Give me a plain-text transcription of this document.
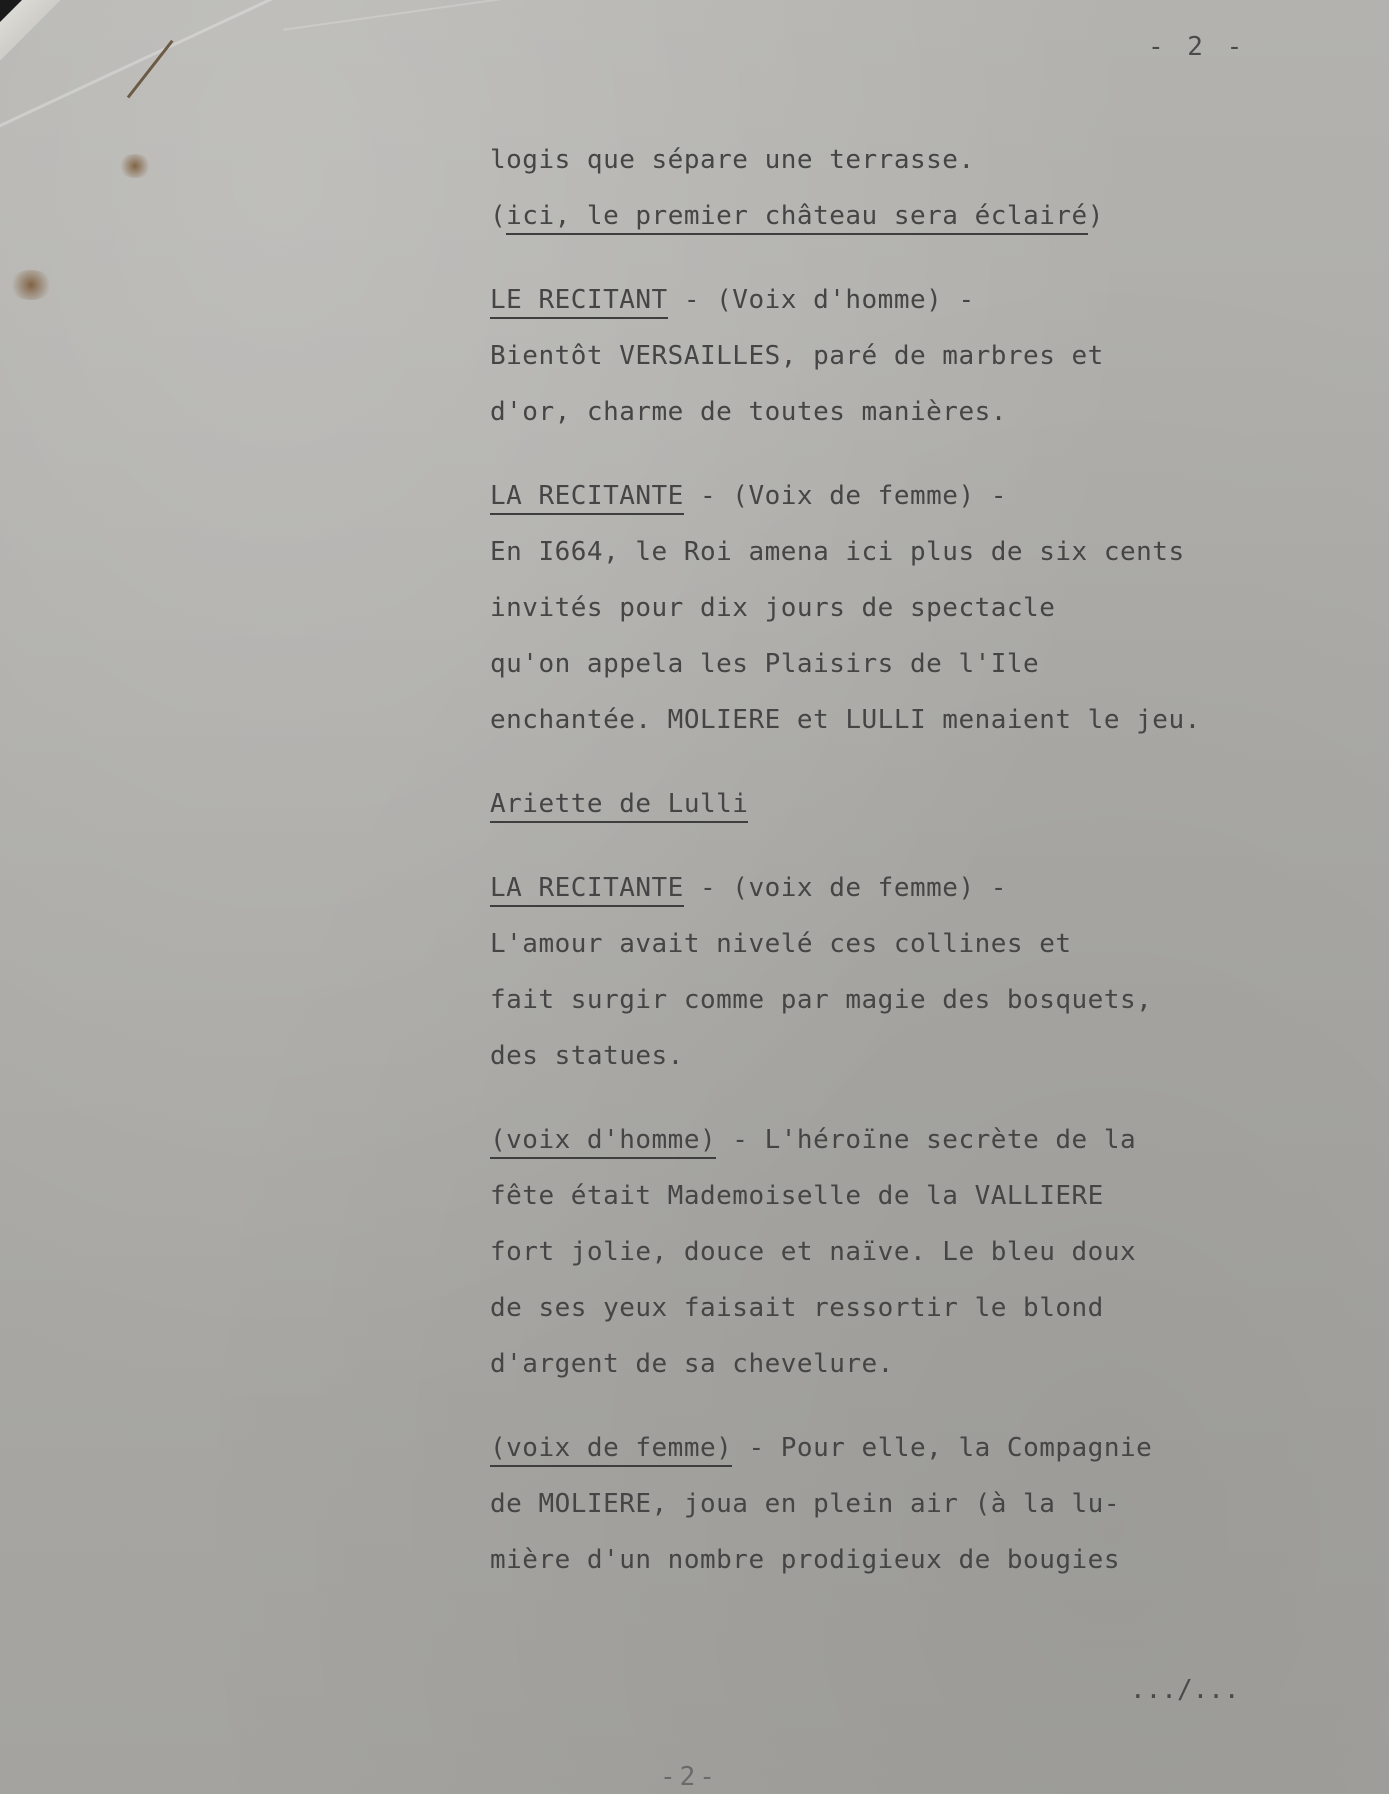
- 2 -
logis que sépare une terrasse.
(ici, le premier château sera éclairé)
LE RECITANT - (Voix d'homme) -
Bientôt VERSAILLES, paré de marbres et
d'or, charme de toutes manières.
LA RECITANTE - (Voix de femme) -
En I664, le Roi amena ici plus de six cents
invités pour dix jours de spectacle
qu'on appela les Plaisirs de l'Ile
enchantée. MOLIERE et LULLI menaient le jeu.
Ariette de Lulli
LA RECITANTE - (voix de femme) -
L'amour avait nivelé ces collines et
fait surgir comme par magie des bosquets,
des statues.
(voix d'homme) - L'héroïne secrète de la
fête était Mademoiselle de la VALLIERE
fort jolie, douce et naïve. Le bleu doux
de ses yeux faisait ressortir le blond
d'argent de sa chevelure.
(voix de femme) - Pour elle, la Compagnie
de MOLIERE, joua en plein air (à la lu-
mière d'un nombre prodigieux de bougies
.../...
-2-
